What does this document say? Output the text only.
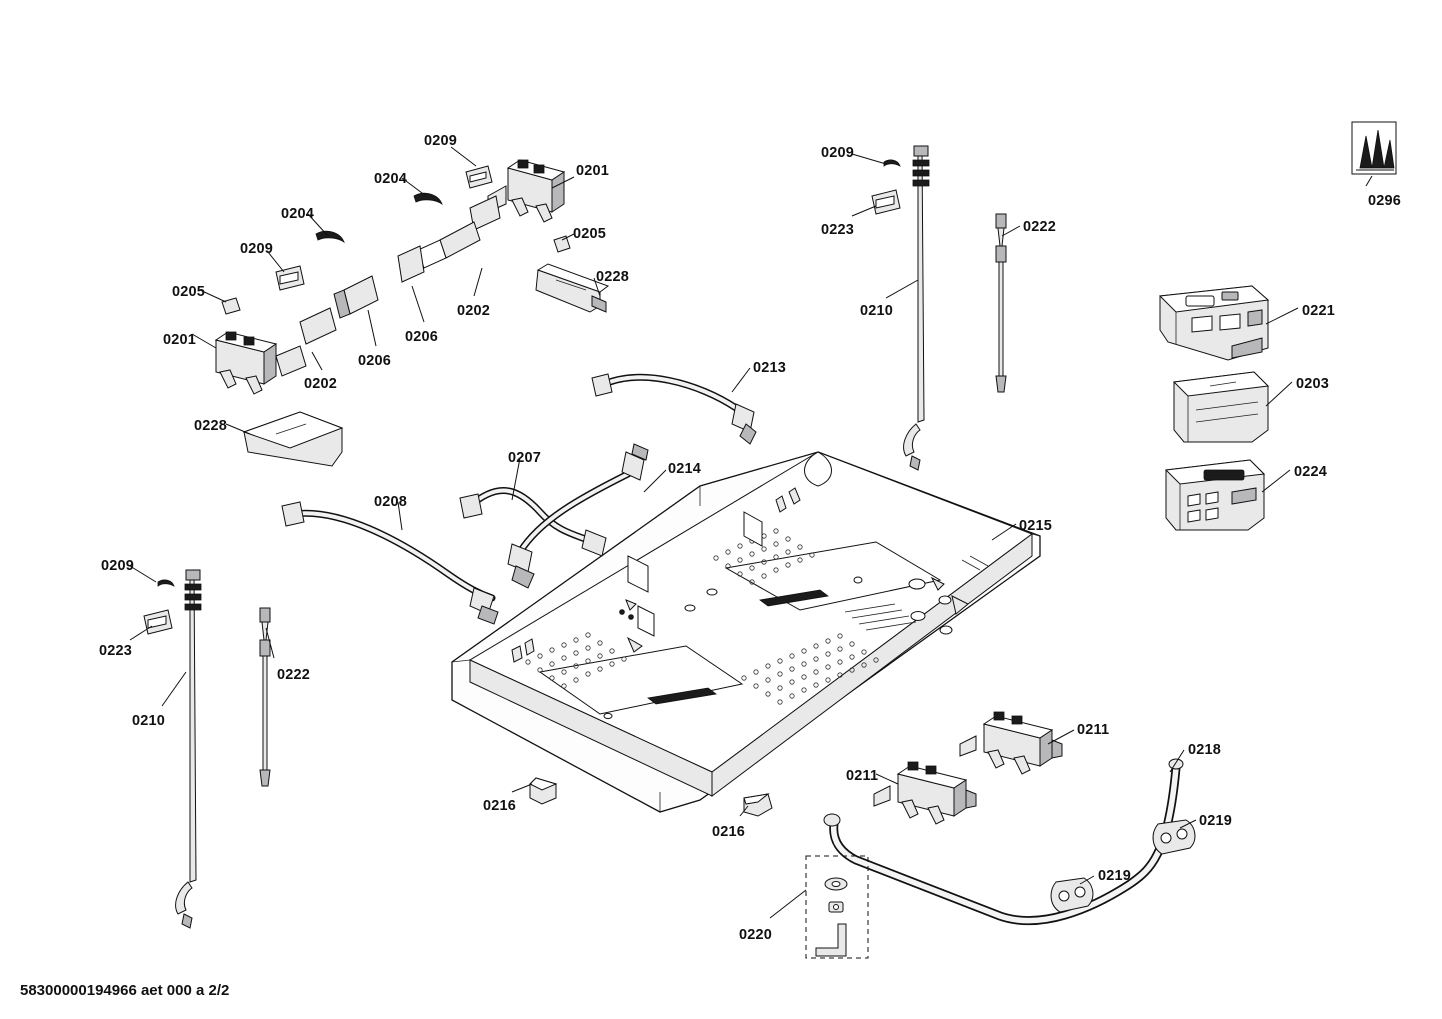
0209
0204	0201
0204
0205
0209
0228
0205
0202
0206
0201
0206
0202
0209
0223	0222
0210	0221
0203
0224
0213
0228
0207
0214
0208
0215
0209
0223
0222
0210
0211
0218
0211
0216
0216
0219
0219
0220
0296
58300000194966 aet 000 a 2/2
